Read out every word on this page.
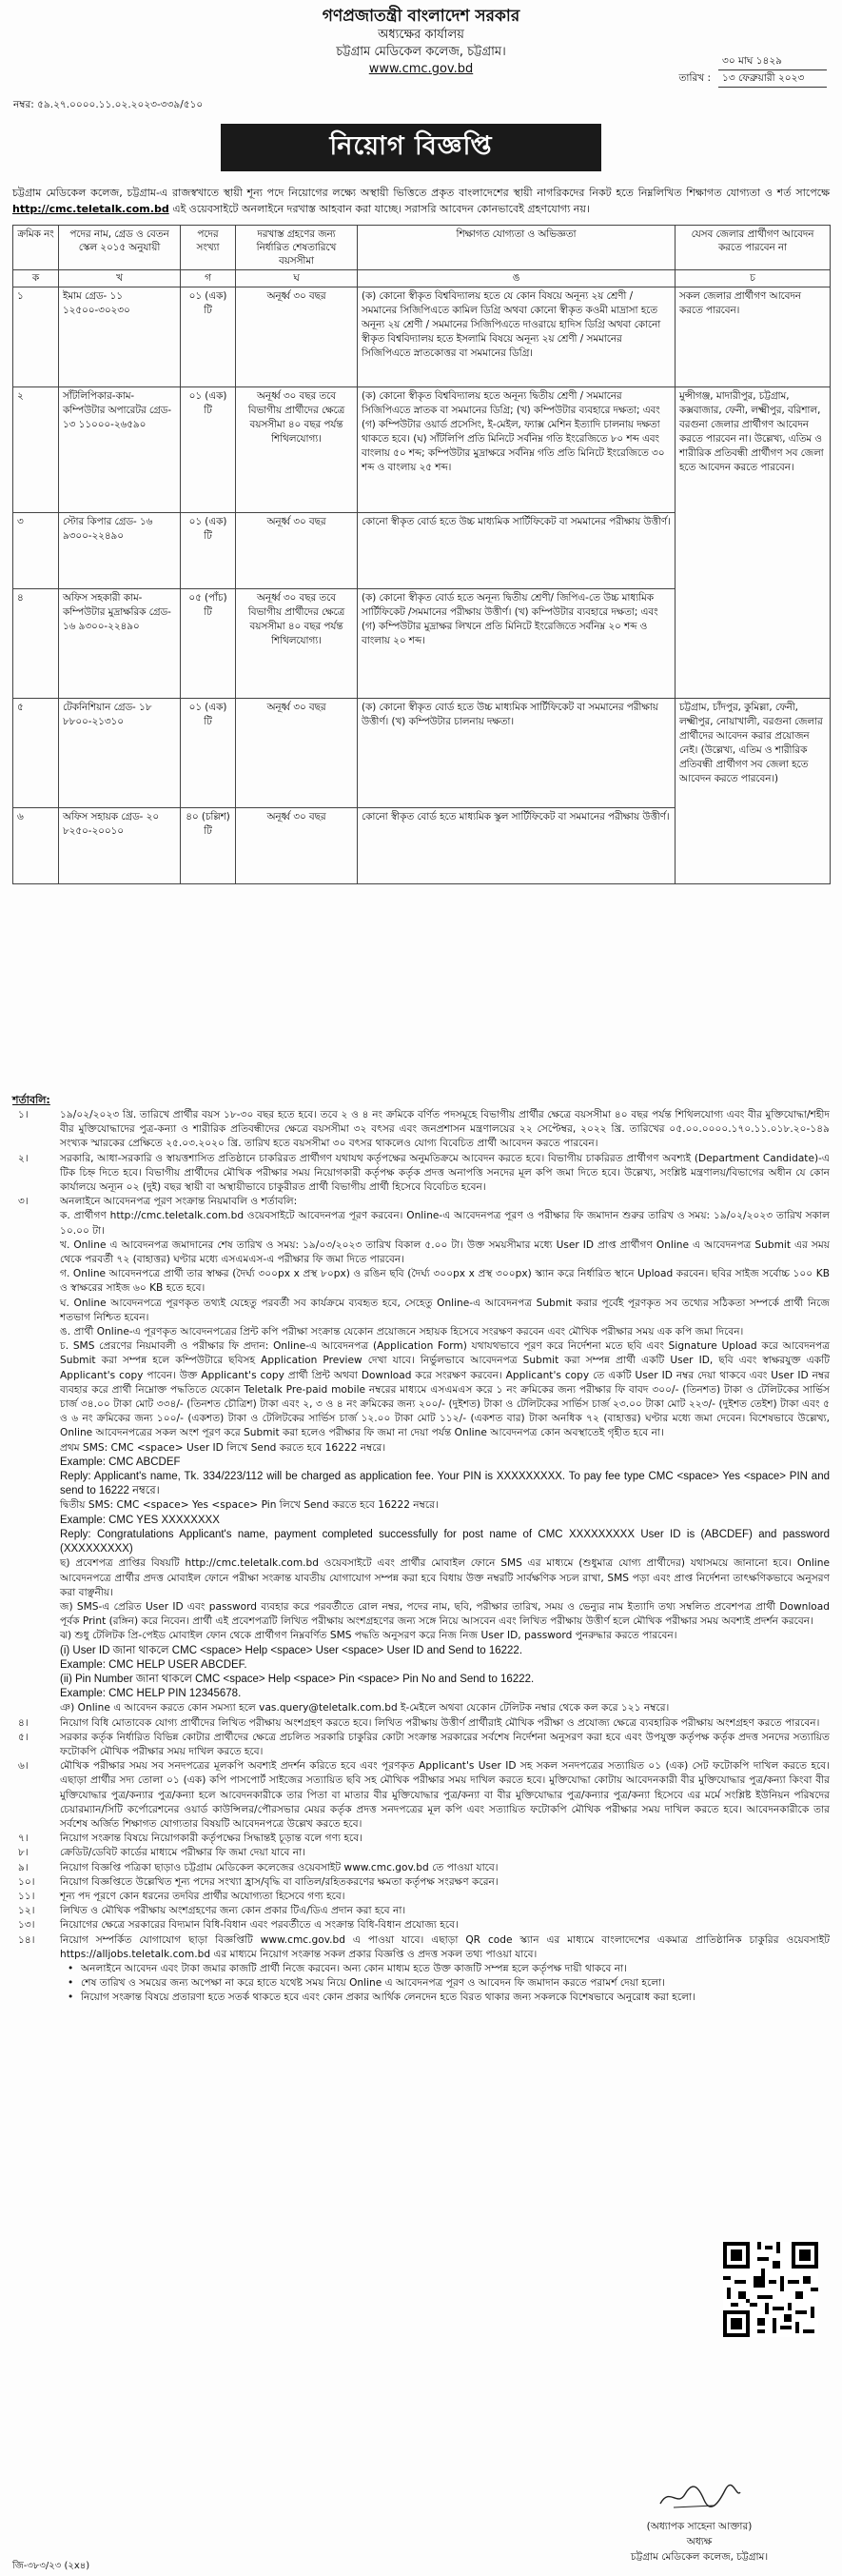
গণপ্রজাতন্ত্রী বাংলাদেশ সরকার
অধ্যক্ষের কার্যালয়
চট্টগ্রাম মেডিকেল কলেজ, চট্টগ্রাম।
www.cmc.gov.bd
৩০ মাঘ ১৪২৯
তারিখ :	১৩ ফেব্রুয়ারী ২০২৩
নম্বর: ৫৯.২৭.০০০০.১১.০২.২০২৩-৩৩৯/৫১০
নিয়োগ বিজ্ঞপ্তি
চট্টগ্রাম মেডিকেল কলেজ, চট্টগ্রাম-এ রাজস্বখাতে স্থায়ী শূন্য পদে নিয়োগের লক্ষ্যে অস্থায়ী ভিত্তিতে প্রকৃত বাংলাদেশের স্থায়ী নাগরিকদের নিকট হতে নিম্নলিখিত শিক্ষাগত যোগ্যতা ও শর্ত সাপেক্ষে http://cmc.teletalk.com.bd এই ওয়েবসাইটে অনলাইনে দরখাস্ত আহবান করা যাচ্ছে। সরাসরি আবেদন কোনভাবেই গ্রহণযোগ্য নয়।
ক্রমিক নং	পদের নাম, গ্রেড ও বেতন স্কেল ২০১৫ অনুযায়ী	পদের সংখ্যা	দরখাস্ত গ্রহণের জন্য নির্ধারিত শেষতারিখে বয়সসীমা	শিক্ষাগত যোগ্যতা ও অভিজ্ঞতা	যেসব জেলার প্রার্থীগণ আবেদন করতে পারবেন না
ক	খ	গ	ঘ	ঙ	চ
১	ইমাম গ্রেড- ১১ ১২৫০০-৩০২৩০	০১ (এক) টি	অনূর্ধ্ব ৩০ বছর	(ক) কোনো স্বীকৃত বিশ্ববিদ্যালয় হতে যে কোন বিষয়ে অনূন্য ২য় শ্রেণী / সমমানের সিজিপিএতে কামিল ডিগ্রি অথবা কোনো স্বীকৃত কওমী মাদ্রাসা হতে অনূন্য ২য় শ্রেণী / সমমানের সিজিপিএতে দাওরায়ে হাদিস ডিগ্রি অথবা কোনো স্বীকৃত বিশ্ববিদ্যালয় হতে ইসলামি বিষয়ে অনূন্য ২য় শ্রেণী / সমমানের সিজিপিএতে স্নাতকোত্তর বা সমমানের ডিগ্রি।	সকল জেলার প্রার্থীগণ আবেদন করতে পারবেন।
২	সাঁটলিপিকার-কাম-কম্পিউটার অপারেটর গ্রেড- ১৩ ১১০০০-২৬৫৯০	০১ (এক) টি	অনূর্ধ্ব ৩০ বছর তবে বিভাগীয় প্রার্থীদের ক্ষেত্রে বয়সসীমা ৪০ বছর পর্যন্ত শিথিলযোগ্য।	(ক) কোনো স্বীকৃত বিশ্ববিদ্যালয় হতে অনূন্য দ্বিতীয় শ্রেণী / সমমানের সিজিপিএতে স্নাতক বা সমমানের ডিগ্রি; (খ) কম্পিউটার ব্যবহারে দক্ষতা; এবং (গ) কম্পিউটার ওয়ার্ড প্রসেসিং, ই-মেইল, ফ্যাক্স মেশিন ইত্যাদি চালনায় দক্ষতা থাকতে হবে। (ঘ) সাঁটলিপি প্রতি মিনিটে সর্বনিম্ন গতি ইংরেজিতে ৮০ শব্দ এবং বাংলায় ৫০ শব্দ; কম্পিউটার মুদ্রাক্ষরে সর্বনিম্ন গতি প্রতি মিনিটে ইংরেজিতে ৩০ শব্দ ও বাংলায় ২৫ শব্দ।	মুন্সীগঞ্জ, মাদারীপুর, চট্টগ্রাম, কক্সবাজার, ফেনী, লক্ষ্মীপুর, বরিশাল, বরগুনা জেলার প্রার্থীগণ আবেদন করতে পারবেন না। উল্লেখ্য, এতিম ও শারীরিক প্রতিবন্ধী প্রার্থীগণ সব জেলা হতে আবেদন করতে পারবেন।
৩	স্টোর কিপার গ্রেড- ১৬ ৯৩০০-২২৪৯০	০১ (এক) টি	অনূর্ধ্ব ৩০ বছর	কোনো স্বীকৃত বোর্ড হতে উচ্চ মাধ্যমিক সার্টিফিকেট বা সমমানের পরীক্ষায় উত্তীর্ণ।	
৪	অফিস সহকারী কাম-কম্পিউটার মুদ্রাক্ষরিক গ্রেড- ১৬ ৯৩০০-২২৪৯০	০৫ (পাঁচ) টি	অনূর্ধ্ব ৩০ বছর তবে বিভাগীয় প্রার্থীদের ক্ষেত্রে বয়সসীমা ৪০ বছর পর্যন্ত শিথিলযোগ্য।	(ক) কোনো স্বীকৃত বোর্ড হতে অনূন্য দ্বিতীয় শ্রেণী/ জিপিএ-তে উচ্চ মাধ্যমিক সার্টিফিকেট /সমমানের পরীক্ষায় উত্তীর্ণ। (খ) কম্পিউটার ব্যবহারে দক্ষতা; এবং (গ) কম্পিউটার মুদ্রাক্ষর লিখনে প্রতি মিনিটে ইংরেজিতে সর্বনিম্ন ২০ শব্দ ও বাংলায় ২০ শব্দ।	
৫	টেকনিশিয়ান গ্রেড- ১৮ ৮৮০০-২১৩১০	০১ (এক) টি	অনূর্ধ্ব ৩০ বছর	(ক) কোনো স্বীকৃত বোর্ড হতে উচ্চ মাধ্যমিক সার্টিফিকেট বা সমমানের পরীক্ষায় উত্তীর্ণ। (খ) কম্পিউটার চালনায় দক্ষতা।	চট্টগ্রাম, চাঁদপুর, কুমিল্লা, ফেনী, লক্ষ্মীপুর, নোয়াখালী, বরগুনা জেলার প্রার্থীদের আবেদন করার প্রয়োজন নেই। (উল্লেখ্য, এতিম ও শারীরিক প্রতিবন্ধী প্রার্থীগণ সব জেলা হতে আবেদন করতে পারবেন।)
৬	অফিস সহায়ক গ্রেড- ২০ ৮২৫০-২০০১০	৪০ (চল্লিশ) টি	অনূর্ধ্ব ৩০ বছর	কোনো স্বীকৃত বোর্ড হতে মাধ্যমিক স্কুল সার্টিফিকেট বা সমমানের পরীক্ষায় উত্তীর্ণ।	
শর্তাবলি:
১।	১৯/০২/২০২৩ খ্রি. তারিখে প্রার্থীর বয়স ১৮-৩০ বছর হতে হবে। তবে ২ ও ৪ নং ক্রমিকে বর্ণিত পদসমূহে বিভাগীয় প্রার্থীর ক্ষেত্রে বয়সসীমা ৪০ বছর পর্যন্ত শিথিলযোগ্য এবং বীর মুক্তিযোদ্ধা/শহীদ বীর মুক্তিযোদ্ধাদের পুত্র-কন্যা ও শারীরিক প্রতিবন্ধীদের ক্ষেত্রে বয়সসীমা ৩২ বৎসর এবং জনপ্রশাসন মন্ত্রণালয়ের ২২ সেপ্টেম্বর, ২০২২ খ্রি. তারিখের ০৫.০০.০০০০.১৭০.১১.০১৮.২০-১৪৯ সংখ্যক স্মারকের প্রেক্ষিতে ২৫.০৩.২০২০ খ্রি. তারিখ হতে বয়সসীমা ৩০ বৎসর থাকলেও যোগ্য বিবেচিত প্রার্থী আবেদন করতে পারবেন।
২।	সরকারি, আধা-সরকারি ও স্বায়ত্তশাসিত প্রতিষ্ঠানে চাকরিরত প্রার্থীগণ যথাযথ কর্তৃপক্ষের অনুমতিক্রমে আবেদন করতে হবে। বিভাগীয় চাকরিরত প্রার্থীগণ অবশ্যই (Department Candidate)-এ টিক চিহ্ন দিতে হবে। বিভাগীয় প্রার্থীদের মৌখিক পরীক্ষার সময় নিয়োগকারী কর্তৃপক্ষ কর্তৃক প্রদত্ত অনাপত্তি সনদের মূল কপি জমা দিতে হবে। উল্লেখ্য, সংশ্লিষ্ট মন্ত্রণালয়/বিভাগের অধীন যে কোন কার্যালয়ে অন্যূন ০২ (দুই) বছর স্থায়ী বা অস্থায়ীভাবে চাকুরীরত প্রার্থী বিভাগীয় প্রার্থী হিসেবে বিবেচিত হবেন।
৩।	অনলাইনে আবেদনপত্র পূরণ সংক্রান্ত নিয়মাবলি ও শর্তাবলি:
ক. প্রার্থীগণ http://cmc.teletalk.com.bd ওয়েবসাইটে আবেদনপত্র পূরণ করবেন। Online-এ আবেদনপত্র পূরণ ও পরীক্ষার ফি জমাদান শুরুর তারিখ ও সময়: ১৯/০২/২০২৩ তারিখ সকাল ১০.০০ টা।
খ. Online এ আবেদনপত্র জমাদানের শেষ তারিখ ও সময়: ১৯/০৩/২০২৩ তারিখ বিকাল ৫.০০ টা। উক্ত সময়সীমার মধ্যে User ID প্রাপ্ত প্রার্থীগণ Online এ আবেদনপত্র Submit এর সময় থেকে পরবর্তী ৭২ (বাহাত্তর) ঘণ্টার মধ্যে এসএমএস-এ পরীক্ষার ফি জমা দিতে পারবেন।
গ. Online আবেদনপত্রে প্রার্থী তার স্বাক্ষর (দৈর্ঘ্য ৩০০px x প্রস্থ ৮০px) ও রঙিন ছবি (দৈর্ঘ্য ৩০০px x প্রস্থ ৩০০px) স্ক্যান করে নির্ধারিত স্থানে Upload করবেন। ছবির সাইজ সর্বোচ্চ ১০০ KB ও স্বাক্ষরের সাইজ ৬০ KB হতে হবে।
ঘ. Online আবেদনপত্রে পূরণকৃত তথ্যই যেহেতু পরবর্তী সব কার্যক্রমে ব্যবহৃত হবে, সেহেতু Online-এ আবেদনপত্র Submit করার পূর্বেই পূরণকৃত সব তথ্যের সঠিকতা সম্পর্কে প্রার্থী নিজে শতভাগ নিশ্চিত হবেন।
ঙ. প্রার্থী Online-এ পূরণকৃত আবেদনপত্রের প্রিন্ট কপি পরীক্ষা সংক্রান্ত যেকোন প্রয়োজনে সহায়ক হিসেবে সংরক্ষণ করবেন এবং মৌখিক পরীক্ষার সময় এক কপি জমা দিবেন।
চ. SMS প্রেরণের নিয়মাবলী ও পরীক্ষার ফি প্রদান: Online-এ আবেদনপত্র (Application Form) যথাযথভাবে পূরণ করে নির্দেশনা মতে ছবি এবং Signature Upload করে আবেদনপত্র Submit করা সম্পন্ন হলে কম্পিউটারে ছবিসহ Application Preview দেখা যাবে। নির্ভুলভাবে আবেদনপত্র Submit করা সম্পন্ন প্রার্থী একটি User ID, ছবি এবং স্বাক্ষরযুক্ত একটি Applicant's copy পাবেন। উক্ত Applicant's copy প্রার্থী প্রিন্ট অথবা Download করে সংরক্ষণ করবেন। Applicant's copy তে একটি User ID নম্বর দেয়া থাকবে এবং User ID নম্বর ব্যবহার করে প্রার্থী নিম্নোক্ত পদ্ধতিতে যেকোন Teletalk Pre-paid mobile নম্বরের মাধ্যমে এসএমএস করে ১ নং ক্রমিকের জন্য পরীক্ষার ফি বাবদ ৩০০/- (তিনশত) টাকা ও টেলিটকের সার্ভিস চার্জ ৩৪.০০ টাকা মোট ৩৩৪/- (তিনশত চৌত্রিশ) টাকা এবং ২, ৩ ও ৪ নং ক্রমিকের জন্য ২০০/- (দুইশত) টাকা ও টেলিটকের সার্ভিস চার্জ ২৩.০০ টাকা মোট ২২৩/- (দুইশত তেইশ) টাকা এবং ৫ ও ৬ নং ক্রমিকের জন্য ১০০/- (একশত) টাকা ও টেলিটকের সার্ভিস চার্জ ১২.০০ টাকা মোট ১১২/- (একশত বার) টাকা অনধিক ৭২ (বাহাত্তর) ঘণ্টার মধ্যে জমা দেবেন। বিশেষভাবে উল্লেখ্য, Online আবেদনপত্রের সকল অংশ পূরণ করে Submit করা হলেও পরীক্ষার ফি জমা না দেয়া পর্যন্ত Online আবেদনপত্র কোন অবস্থাতেই গৃহীত হবে না।
প্রথম SMS: CMC <space> User ID লিখে Send করতে হবে 16222 নম্বরে।
Example: CMC ABCDEF
Reply: Applicant's name, Tk. 334/223/112 will be charged as application fee. Your PIN is XXXXXXXXX. To pay fee type CMC <space> Yes <space> PIN and send to 16222 নম্বরে।
দ্বিতীয় SMS: CMC <space> Yes <space> Pin লিখে Send করতে হবে 16222 নম্বরে।
Example: CMC YES XXXXXXXX
Reply: Congratulations Applicant's name, payment completed successfully for post name of CMC XXXXXXXXX User ID is (ABCDEF) and password (XXXXXXXXX)
ছ) প্রবেশপত্র প্রাপ্তির বিষয়টি http://cmc.teletalk.com.bd ওয়েবসাইটে এবং প্রার্থীর মোবাইল ফোনে SMS এর মাধ্যমে (শুধুমাত্র যোগ্য প্রার্থীদের) যথাসময়ে জানানো হবে। Online আবেদনপত্রে প্রার্থীর প্রদত্ত মোবাইল ফোনে পরীক্ষা সংক্রান্ত যাবতীয় যোগাযোগ সম্পন্ন করা হবে বিধায় উক্ত নম্বরটি সার্বক্ষণিক সচল রাখা, SMS পড়া এবং প্রাপ্ত নির্দেশনা তাৎক্ষণিকভাবে অনুসরণ করা বাঞ্ছনীয়।
জ) SMS-এ প্রেরিত User ID এবং password ব্যবহার করে পরবর্তীতে রোল নম্বর, পদের নাম, ছবি, পরীক্ষার তারিখ, সময় ও ভেন্যুর নাম ইত্যাদি তথ্য সম্বলিত প্রবেশপত্র প্রার্থী Download পূর্বক Print (রঙ্গিন) করে নিবেন। প্রার্থী এই প্রবেশপত্রটি লিখিত পরীক্ষায় অংশগ্রহণের জন্য সঙ্গে নিয়ে আসবেন এবং লিখিত পরীক্ষায় উত্তীর্ণ হলে মৌখিক পরীক্ষার সময় অবশ্যই প্রদর্শন করবেন।
ঝ) শুধু টেলিটক প্রি-পেইড মোবাইল ফোন থেকে প্রার্থীগণ নিম্নবর্ণিত SMS পদ্ধতি অনুসরণ করে নিজ নিজ User ID, password পুনরুদ্ধার করতে পারবেন।
(i) User ID জানা থাকলে CMC <space> Help <space> User <space> User ID and Send to 16222.
Example: CMC HELP USER ABCDEF.
(ii) Pin Number জানা থাকলে CMC <space> Help <space> Pin <space> Pin No and Send to 16222.
Example: CMC HELP PIN 12345678.
ঞ) Online এ আবেদন করতে কোন সমস্যা হলে vas.query@teletalk.com.bd ই-মেইলে অথবা যেকোন টেলিটক নম্বার থেকে কল করে ১২১ নম্বরে।
৪।	নিয়োগ বিধি মোতাবেক যোগ্য প্রার্থীদের লিখিত পরীক্ষায় অংশগ্রহণ করতে হবে। লিখিত পরীক্ষায় উত্তীর্ণ প্রার্থীরাই মৌখিক পরীক্ষা ও প্রযোজ্য ক্ষেত্রে ব্যবহারিক পরীক্ষায় অংশগ্রহণ করতে পারবেন।
৫।	সরকার কর্তৃক নির্ধারিত বিভিন্ন কোটার প্রার্থীদের ক্ষেত্রে প্রচলিত সরকারি চাকুরির কোটা সংক্রান্ত সরকারের সর্বশেষ নির্দেশনা অনুসরণ করা হবে এবং উপযুক্ত কর্তৃপক্ষ কর্তৃক প্রদত্ত সনদের সত্যায়িত ফটোকপি মৌখিক পরীক্ষার সময় দাখিল করতে হবে।
৬।	মৌখিক পরীক্ষার সময় সব সনদপত্রের মূলকপি অবশ্যই প্রদর্শন করিতে হবে এবং পূরণকৃত Applicant's User ID সহ সকল সনদপত্রের সত্যায়িত ০১ (এক) সেট ফটোকপি দাখিল করতে হবে। এছাড়া প্রার্থীর সদ্য তোলা ০১ (এক) কপি পাসপোর্ট সাইজের সত্যায়িত ছবি সহ মৌখিক পরীক্ষার সময় দাখিল করতে হবে। মুক্তিযোদ্ধা কোটায় আবেদনকারী বীর মুক্তিযোদ্ধার পুত্র/কন্যা কিংবা বীর মুক্তিযোদ্ধার পুত্র/কন্যার পুত্র/কন্যা হলে আবেদনকারীকে তার পিতা বা মাতার বীর মুক্তিযোদ্ধার পুত্র/কন্যা বা বীর মুক্তিযোদ্ধার পুত্র/কন্যার পুত্র/কন্যা হিসেবে এর মর্মে সংশ্লিষ্ট ইউনিয়ন পরিষদের চেয়ারম্যান/সিটি কর্পোরেশনের ওয়ার্ড কাউন্সিলর/পৌরসভার মেয়র কর্তৃক প্রদত্ত সনদপত্রের মূল কপি এবং সত্যায়িত ফটোকপি মৌখিক পরীক্ষার সময় দাখিল করতে হবে। আবেদনকারীকে তার সর্বশেষ অর্জিত শিক্ষাগত যোগ্যতার বিষয়টি আবেদনপত্রে উল্লেখ করতে হবে।
৭।	নিয়োগ সংক্রান্ত বিষয়ে নিয়োগকারী কর্তৃপক্ষের সিদ্ধান্তই চূড়ান্ত বলে গণ্য হবে।
৮।	ক্রেডিট/ডেবিট কার্ডের মাধ্যমে পরীক্ষার ফি জমা দেয়া যাবে না।
৯।	নিয়োগ বিজ্ঞপ্তি পত্রিকা ছাড়াও চট্টগ্রাম মেডিকেল কলেজের ওয়েবসাইট www.cmc.gov.bd তে পাওয়া যাবে।
১০।	নিয়োগ বিজ্ঞপ্তিতে উল্লেখিত শূন্য পদের সংখ্যা হ্রাস/বৃদ্ধি বা বাতিল/রহিতকরণের ক্ষমতা কর্তৃপক্ষ সংরক্ষণ করেন।
১১।	শূন্য পদ পূরণে কোন ধরনের তদবির প্রার্থীর অযোগ্যতা হিসেবে গণ্য হবে।
১২।	লিখিত ও মৌখিক পরীক্ষায় অংশগ্রহণের জন্য কোন প্রকার টিএ/ডিএ প্রদান করা হবে না।
১৩।	নিয়োগের ক্ষেত্রে সরকারের বিদ্যমান বিধি-বিধান এবং পরবর্তীতে এ সংক্রান্ত বিধি-বিধান প্রযোজ্য হবে।
১৪।	নিয়োগ সম্পর্কিত যোগাযোগ ছাড়া বিজ্ঞপ্তিটি www.cmc.gov.bd এ পাওয়া যাবে। এছাড়া QR code স্ক্যান এর মাধ্যমে বাংলাদেশের একমাত্র প্রাতিষ্ঠানিক চাকুরির ওয়েবসাইট https://alljobs.teletalk.com.bd এর মাধ্যমে নিয়োগ সংক্রান্ত সকল প্রকার বিজ্ঞপ্তি ও প্রদত্ত সকল তথ্য পাওয়া যাবে।
• অনলাইনে আবেদন এবং টাকা জমার কাজটি প্রার্থী নিজে করবেন। অন্য কোন মাধ্যম হতে উক্ত কাজটি সম্পন্ন হলে কর্তৃপক্ষ দায়ী থাকবে না।
• শেষ তারিখ ও সময়ের জন্য অপেক্ষা না করে হাতে যথেষ্ট সময় নিয়ে Online এ আবেদনপত্র পূরণ ও আবেদন ফি জমাদান করতে পরামর্শ দেয়া হলো।
• নিয়োগ সংক্রান্ত বিষয়ে প্রতারণা হতে সতর্ক থাকতে হবে এবং কোন প্রকার আর্থিক লেনদেন হতে বিরত থাকার জন্য সকলকে বিশেষভাবে অনুরোধ করা হলো।
(অধ্যাপক সাহেনা আক্তার)
অধ্যক্ষ
চট্টগ্রাম মেডিকেল কলেজ, চট্টগ্রাম।
জি-৩৮৩/২৩ (২x৪)
